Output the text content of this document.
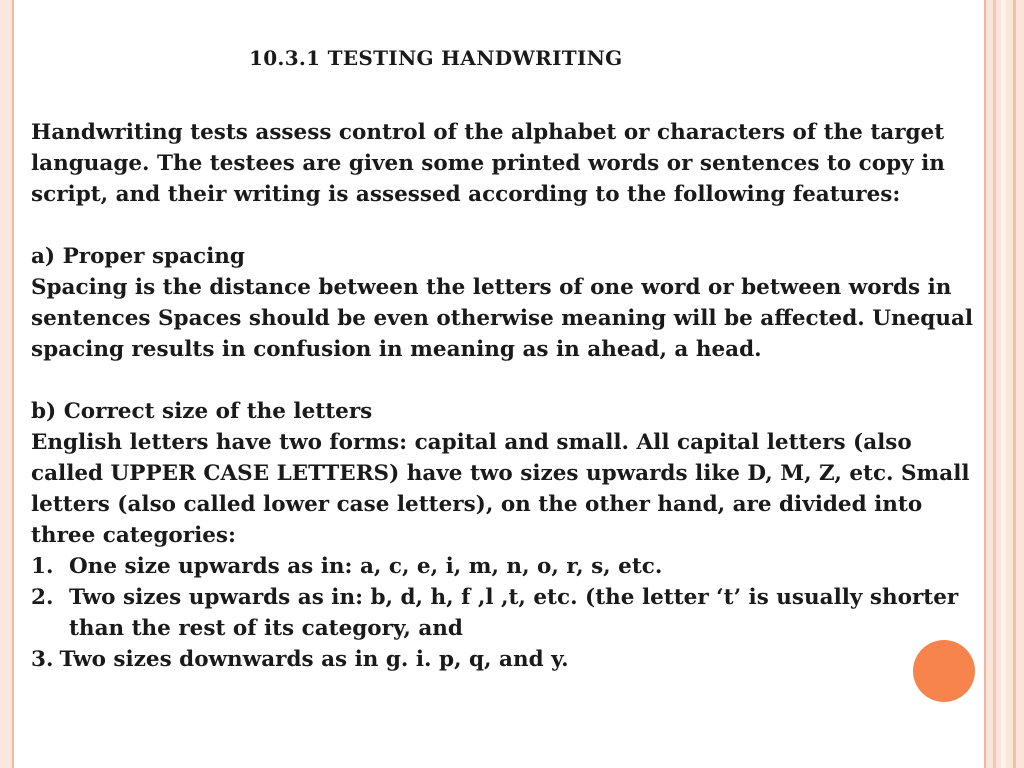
10.3.1 TESTING HANDWRITING

Handwriting tests assess control of the alphabet or characters of the target language. The testees are given some printed words or sentences to copy in script, and their writing is assessed according to the following features:

a) Proper spacing

Spacing is the distance between the letters of one word or between words in sentences Spaces should be even otherwise meaning will be affected. Unequal spacing results in confusion in meaning as in ahead, a head.

b) Correct size of the letters

English letters have two forms: capital and small. All capital letters (also called UPPER CASE LETTERS) have two sizes upwards like D, M, Z, etc. Small letters (also called lower case letters), on the other hand, are divided into three categories:

1. One size upwards as in: a, c, e, i, m, n, o, r, s, etc.
2. Two sizes upwards as in: b, d, h, f ,l ,t, etc. (the letter ‘t’ is usually shorter than the rest of its category, and

3. Two sizes downwards as in g. i. p, q, and y.
